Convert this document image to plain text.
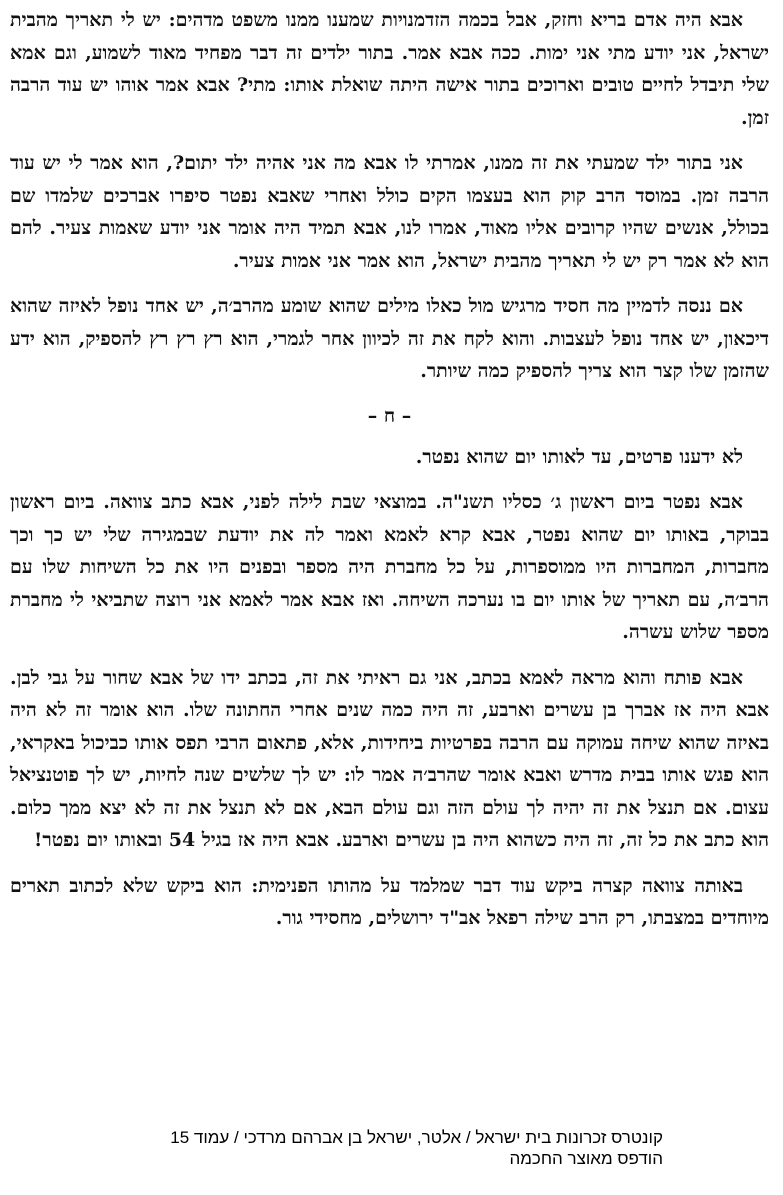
אבא היה אדם בריא וחזק, אבל בכמה הזדמנויות שמענו ממנו משפט מדהים: יש לי תאריך מהבית ישראל, אני יודע מתי אני ימות. ככה אבא אמר. בתור ילדים זה דבר מפחיד מאוד לשמוע, וגם אמא שלי תיבדל לחיים טובים וארוכים בתור אישה היתה שואלת אותו: מתי? אבא אמר אוהו יש עוד הרבה זמן.

אני בתור ילד שמעתי את זה ממנו, אמרתי לו אבא מה אני אהיה ילד יתום?, הוא אמר לי יש עוד הרבה זמן. במוסד הרב קוק הוא בעצמו הקים כולל ואחרי שאבא נפטר סיפרו אברכים שלמדו שם בכולל, אנשים שהיו קרובים אליו מאוד, אמרו לנו, אבא תמיד היה אומר אני יודע שאמות צעיר. להם הוא לא אמר רק יש לי תאריך מהבית ישראל, הוא אמר אני אמות צעיר.

אם ננסה לדמיין מה חסיד מרגיש מול כאלו מילים שהוא שומע מהרב׳ה, יש אחד נופל לאיזה שהוא דיכאון, יש אחד נופל לעצבות. והוא לקח את זה לכיוון אחר לגמרי, הוא רץ רץ רץ להספיק, הוא ידע שהזמן שלו קצר הוא צריך להספיק כמה שיותר.

– ח –

לא ידענו פרטים, עד לאותו יום שהוא נפטר.

אבא נפטר ביום ראשון ג׳ כסליו תשנ"ה. במוצאי שבת לילה לפני, אבא כתב צוואה. ביום ראשון בבוקר, באותו יום שהוא נפטר, אבא קרא לאמא ואמר לה את יודעת שבמגירה שלי יש כך וכך מחברות, המחברות היו ממוספרות, על כל מחברת היה מספר ובפנים היו את כל השיחות שלו עם הרב׳ה, עם תאריך של אותו יום בו נערכה השיחה. ואז אבא אמר לאמא אני רוצה שתביאי לי מחברת מספר שלוש עשרה.

אבא פותח והוא מראה לאמא בכתב, אני גם ראיתי את זה, בכתב ידו של אבא שחור על גבי לבן. אבא היה אז אברך בן עשרים וארבע, זה היה כמה שנים אחרי החתונה שלו. הוא אומר זה לא היה באיזה שהוא שיחה עמוקה עם הרבה בפרטיות ביחידות, אלא, פתאום הרבי תפס אותו כביכול באקראי, הוא פגש אותו בבית מדרש ואבא אומר שהרב׳ה אמר לו: יש לך שלשים שנה לחיות, יש לך פוטנציאל עצום. אם תנצל את זה יהיה לך עולם הזה וגם עולם הבא, אם לא תנצל את זה לא יצא ממך כלום. הוא כתב את כל זה, זה היה כשהוא היה בן עשרים וארבע. אבא היה אז בגיל 54 ובאותו יום נפטר!

באותה צוואה קצרה ביקש עוד דבר שמלמד על מהותו הפנימית: הוא ביקש שלא לכתוב תארים מיוחדים במצבתו, רק הרב שילה רפאל אב"ד ירושלים, מחסידי גור.

קונטרס זכרונות בית ישראל / אלטר, ישראל בן אברהם מרדכי / עמוד 15
הודפס מאוצר החכמה
